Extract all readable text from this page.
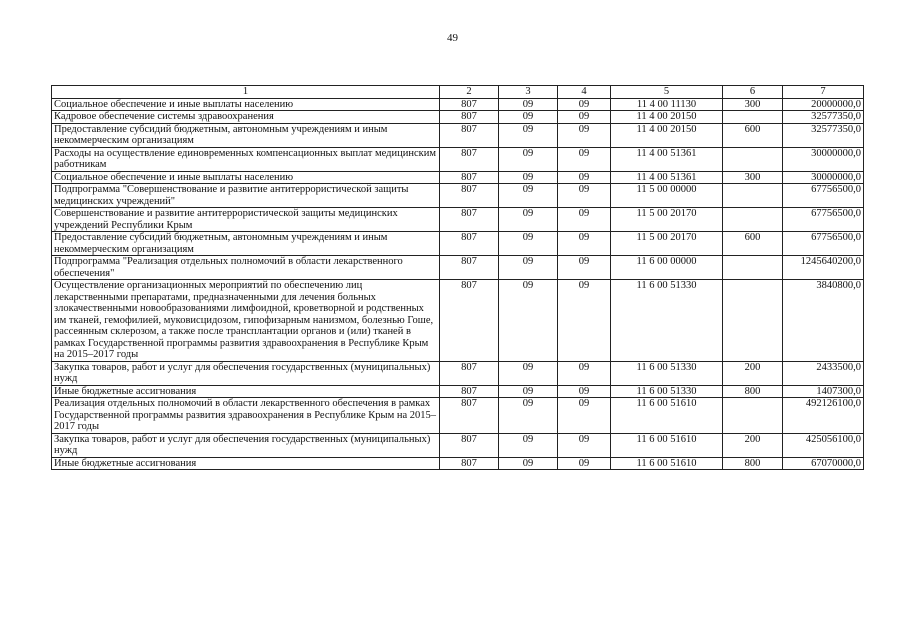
49
1	2	3	4	5	6	7
Социальное обеспечение и иные выплаты населению	807	09	09	11 4 00 11130	300	20000000,0
Кадровое обеспечение системы здравоохранения	807	09	09	11 4 00 20150		32577350,0
Предоставление субсидий бюджетным, автономным учреждениям и иным некоммерческим организациям	807	09	09	11 4 00 20150	600	32577350,0
Расходы на осуществление единовременных компенсационных выплат медицинским работникам	807	09	09	11 4 00 51361		30000000,0
Социальное обеспечение и иные выплаты населению	807	09	09	11 4 00 51361	300	30000000,0
Подпрограмма "Совершенствование и развитие антитеррористической защиты медицинских учреждений"	807	09	09	11 5 00 00000		67756500,0
Совершенствование и развитие антитеррористической защиты медицинских учреждений Республики Крым	807	09	09	11 5 00 20170		67756500,0
Предоставление субсидий бюджетным, автономным учреждениям и иным некоммерческим организациям	807	09	09	11 5 00 20170	600	67756500,0
Подпрограмма "Реализация отдельных полномочий в области лекарственного обеспечения"	807	09	09	11 6 00 00000		1245640200,0
Осуществление организационных мероприятий по обеспечению лиц лекарственными препаратами, предназначенными для лечения больных злокачественными новообразованиями лимфоидной, кроветворной и родственных им тканей, гемофилией, муковисцидозом, гипофизарным нанизмом, болезнью Гоше, рассеянным склерозом, а также после трансплантации органов и (или) тканей в рамках Государственной программы развития здравоохранения в Республике Крым на 2015–2017 годы	807	09	09	11 6 00 51330		3840800,0
Закупка товаров, работ и услуг для обеспечения государственных (муниципальных) нужд	807	09	09	11 6 00 51330	200	2433500,0
Иные бюджетные ассигнования	807	09	09	11 6 00 51330	800	1407300,0
Реализация отдельных полномочий в области лекарственного обеспечения в рамках Государственной программы развития здравоохранения в Республике Крым на 2015–2017 годы	807	09	09	11 6 00 51610		492126100,0
Закупка товаров, работ и услуг для обеспечения государственных (муниципальных) нужд	807	09	09	11 6 00 51610	200	425056100,0
Иные бюджетные ассигнования	807	09	09	11 6 00 51610	800	67070000,0
